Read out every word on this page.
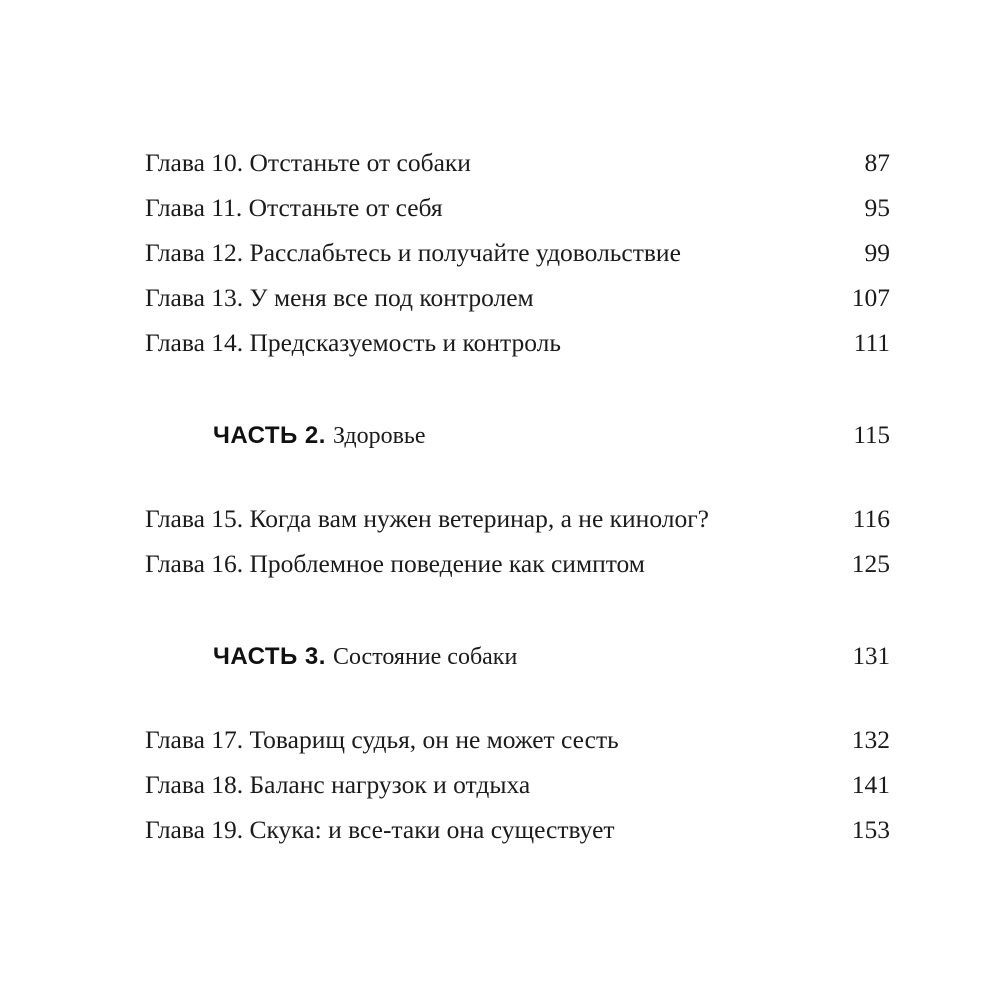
Глава 10. Отстаньте от собаки	87
Глава 11. Отстаньте от себя	95
Глава 12. Расслабьтесь и получайте удовольствие	99
Глава 13. У меня все под контролем	107
Глава 14. Предсказуемость и контроль	111
ЧАСТЬ 2. Здоровье	115
Глава 15. Когда вам нужен ветеринар, а не кинолог?	116
Глава 16. Проблемное поведение как симптом	125
ЧАСТЬ 3. Состояние собаки	131
Глава 17. Товарищ судья, он не может сесть	132
Глава 18. Баланс нагрузок и отдыха	141
Глава 19. Скука: и все-таки она существует	153
